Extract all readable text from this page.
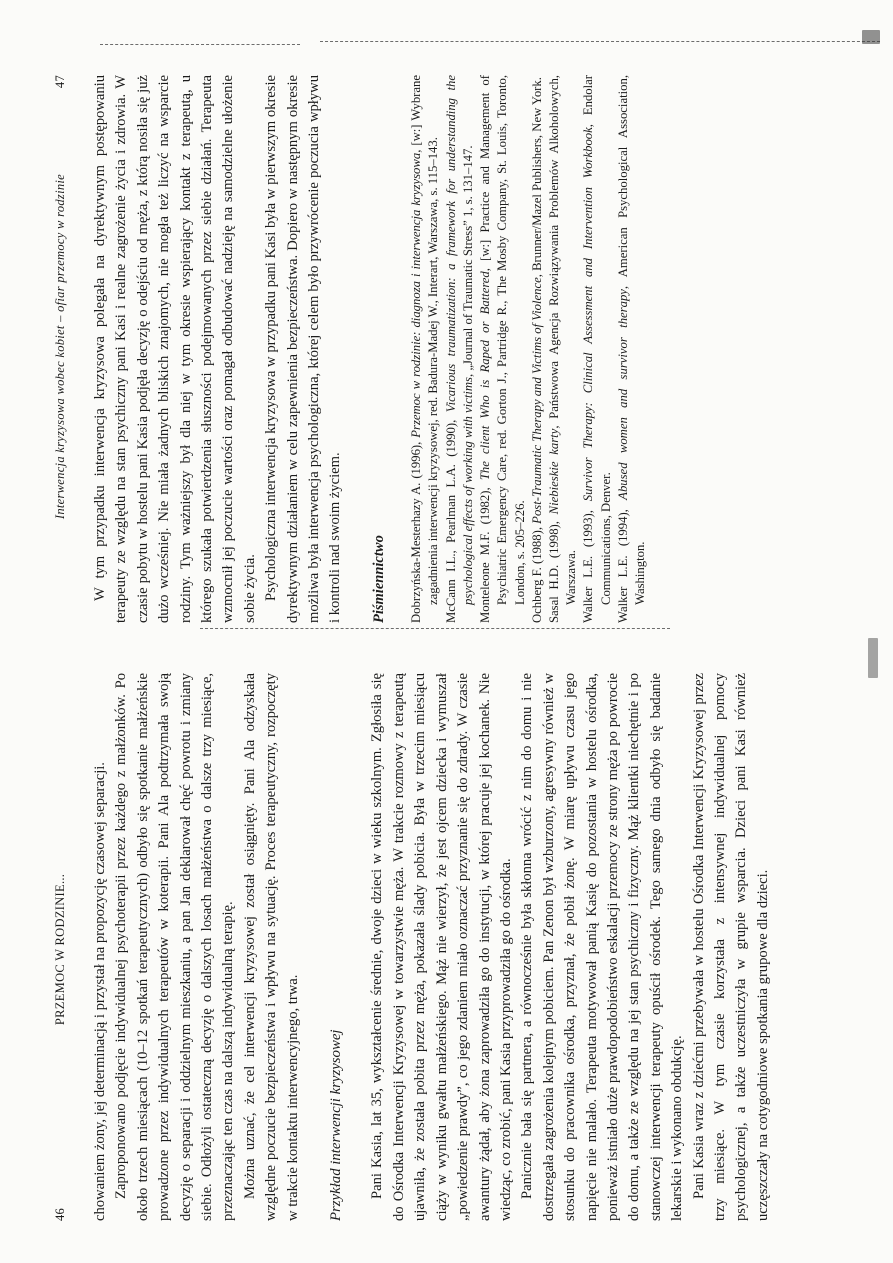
46
PRZEMOC W RODZINIE...	chowaniem żony, jej determinacją i przystał na propozycję czasowej separacji. Zaproponowano podjęcie indywidualnej psychoterapii przez każdego z małżonków. Po około trzech miesiącach (10–12 spotkań terapeutycznych) odbyło się spotkanie małżeńskie prowadzone przez indywidualnych terapeutów w koterapii. Pani Ala podtrzymała swoją decyzję o separacji i oddzielnym mieszkaniu, a pan Jan deklarował chęć powrotu i zmiany siebie. Odłożyli ostateczną decyzję o dalszych losach małżeństwa o dalsze trzy miesiące, przeznaczając ten czas na dalszą indywidualną terapię. Można uznać, że cel interwencji kryzysowej został osiągnięty. Pani Ala odzyskała względne poczucie bezpieczeństwa i wpływu na sytuację. Proces terapeutyczny, rozpoczęty w trakcie kontaktu interwencyjnego, trwa. Przykład interwencji kryzysowej Pani Kasia, lat 35, wykształcenie średnie, dwoje dzieci w wieku szkolnym. Zgłosiła się do Ośrodka Interwencji Kryzysowej w towarzystwie męża. W trakcie rozmowy z terapeutą ujawniła, że została pobita przez męża, pokazała ślady pobicia. Była w trzecim miesiącu ciąży w wyniku gwałtu małżeńskiego. Mąż nie wierzył, że jest ojcem dziecka i wymuszał „powiedzenie prawdy”, co jego zdaniem miało oznaczać przyznanie się do zdrady. W czasie awantury żądał, aby żona zaprowadziła go do instytucji, w której pracuje jej kochanek. Nie wiedząc, co zrobić, pani Kasia przyprowadziła go do ośrodka. Panicznie bała się partnera, a równocześnie była skłonna wrócić z nim do domu i nie dostrzegała zagrożenia kolejnym pobiciem. Pan Zenon był wzburzony, agresywny również w stosunku do pracownika ośrodka, przyznał, że pobił żonę. W miarę upływu czasu jego napięcie nie malało. Terapeuta motywował panią Kasię do pozostania w hostelu ośrodka, ponieważ istniało duże prawdopodobieństwo eskalacji przemocy ze strony męża po powrocie do domu, a także ze względu na jej stan psychiczny i fizyczny. Mąż klientki niechętnie i po stanowczej interwencji terapeuty opuścił ośrodek. Tego samego dnia odbyło się badanie lekarskie i wykonano obdukcję. Pani Kasia wraz z dziećmi przebywała w hostelu Ośrodka Interwencji Kryzysowej przez trzy miesiące. W tym czasie korzystała z intensywnej indywidualnej pomocy psychologicznej, a także uczestniczyła w grupie wsparcia. Dzieci pani Kasi również uczęszczały na cotygodniowe spotkania grupowe dla dzieci.

Interwencja kryzysowa wobec kobiet – ofiar przemocy w rodzinie
47	W tym przypadku interwencja kryzysowa polegała na dyrektywnym postępowaniu terapeuty ze względu na stan psychiczny pani Kasi i realne zagrożenie życia i zdrowia. W czasie pobytu w hostelu pani Kasia podjęła decyzję o odejściu od męża, z którą nosiła się już dużo wcześniej. Nie miała żadnych bliskich znajomych, nie mogła też liczyć na wsparcie rodziny. Tym ważniejszy był dla niej w tym okresie wspierający kontakt z terapeutą, u którego szukała potwierdzenia słuszności podejmowanych przez siebie działań. Terapeuta wzmocnił jej poczucie wartości oraz pomagał odbudować nadzieję na samodzielne ułożenie sobie życia. Psychologiczna interwencja kryzysowa w przypadku pani Kasi była w pierwszym okresie dyrektywnym działaniem w celu zapewnienia bezpieczeństwa. Dopiero w następnym okresie możliwa była interwencja psychologiczna, której celem było przywrócenie poczucia wpływu i kontroli nad swoim życiem. Piśmiennictwo Dobrzyńska-Mesterhazy A. (1996), Przemoc w rodzinie: diagnoza i interwencja kryzysowa, [w:] Wybrane zagadnienia interwencji kryzysowej, red. Badura-Madej W., Interart, Warszawa, s. 115–143. McCann I.L., Pearlman L.A. (1990), Vicarious traumatization: a framework for understanding the psychological effects of working with victims, „Journal of Traumatic Stress” 1, s. 131–147.
Monteleone M.F. (1982), The client Who is Raped or Battered, [w:] Practice and Management of Psychiatric Emergency Care, red. Gorton J., Partridge R., The Mosby Company, St. Louis, Toronto, London, s. 205–226. Ochberg F. (1988), Post-Traumatic Therapy and Victims of Violence, Brunner/Mazel Publishers, New York.
Sasal H.D. (1998), Niebieskie karty, Państwowa Agencja Rozwiązywania Problemów Alkoholowych, Warszawa. Walker L.E. (1993), Survivor Therapy: Clinical Assessment and Intervention Workbook, Endolar Communications, Denver. Walker L.E. (1994), Abused women and survivor therapy, American Psychological Association, Washington.
